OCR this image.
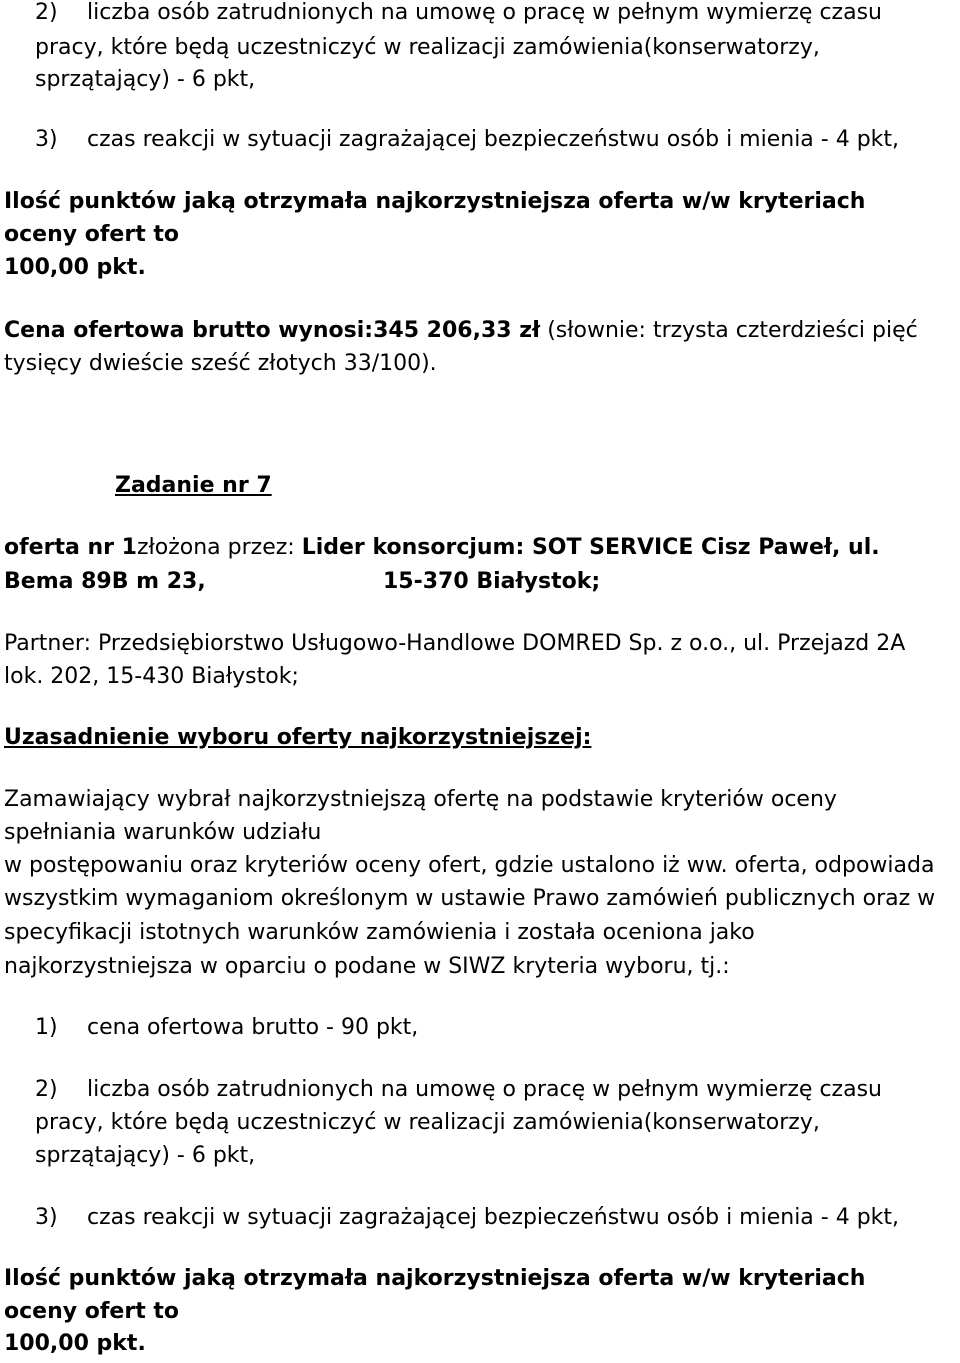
2) liczba osób zatrudnionych na umowę o pracę w pełnym wymierzę czasu
pracy, które będą uczestniczyć w realizacji zamówienia(konserwatorzy,
sprzątający) - 6 pkt,
3) czas reakcji w sytuacji zagrażającej bezpieczeństwu osób i mienia - 4 pkt,
Ilość punktów jaką otrzymała najkorzystniejsza oferta w/w kryteriach
oceny ofert to
100,00 pkt.
Cena ofertowa brutto wynosi:345 206,33 zł (słownie: trzysta czterdzieści pięć
tysięcy dwieście sześć złotych 33/100).
Zadanie nr 7
oferta nr 1złożona przez: Lider konsorcjum: SOT SERVICE Cisz Paweł, ul.
Bema 89B m 23,	15-370 Białystok;
Partner: Przedsiębiorstwo Usługowo-Handlowe DOMRED Sp. z o.o., ul. Przejazd 2A
lok. 202, 15-430 Białystok;
Uzasadnienie wyboru oferty najkorzystniejszej:
Zamawiający wybrał najkorzystniejszą ofertę na podstawie kryteriów oceny
spełniania warunków udziału
w postępowaniu oraz kryteriów oceny ofert, gdzie ustalono iż ww. oferta, odpowiada
wszystkim wymaganiom określonym w ustawie Prawo zamówień publicznych oraz w
specyfikacji istotnych warunków zamówienia i została oceniona jako
najkorzystniejsza w oparciu o podane w SIWZ kryteria wyboru, tj.:
1) cena ofertowa brutto - 90 pkt,
2) liczba osób zatrudnionych na umowę o pracę w pełnym wymierzę czasu
pracy, które będą uczestniczyć w realizacji zamówienia(konserwatorzy,
sprzątający) - 6 pkt,
3) czas reakcji w sytuacji zagrażającej bezpieczeństwu osób i mienia - 4 pkt,
Ilość punktów jaką otrzymała najkorzystniejsza oferta w/w kryteriach
oceny ofert to
100,00 pkt.
